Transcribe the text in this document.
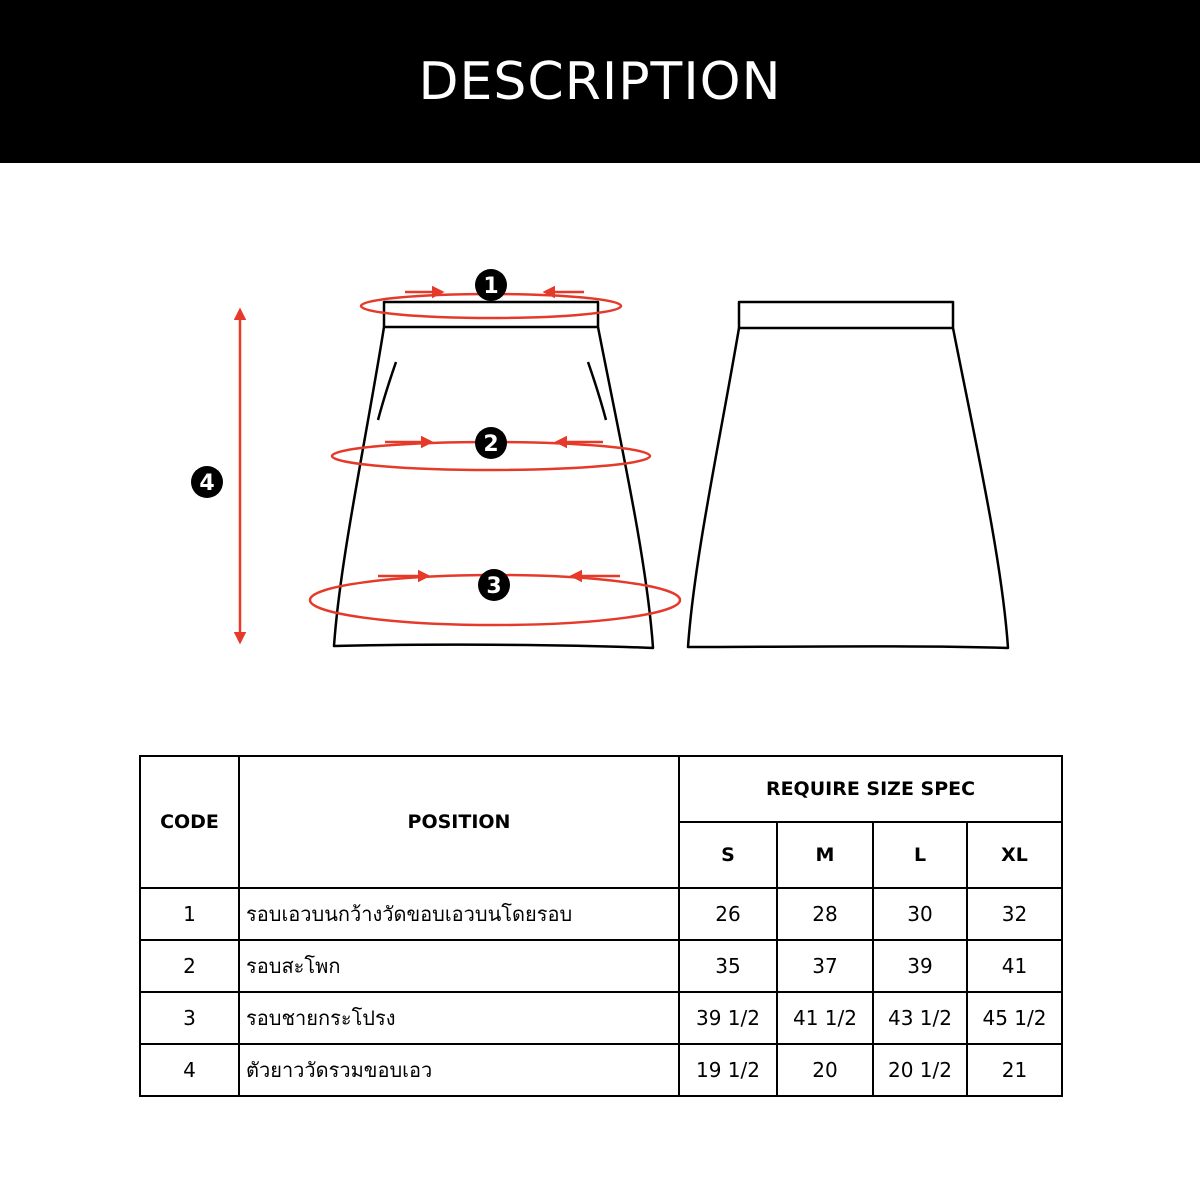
DESCRIPTION
1
2
3
4
CODE	POSITION	REQUIRE SIZE SPEC			
		S	M	L	XL
1	รอบเอวบนกว้างวัดขอบเอวบนโดยรอบ	26	28	30	32
2	รอบสะโพก	35	37	39	41
3	รอบชายกระโปรง	39 1/2	41 1/2	43 1/2	45 1/2
4	ตัวยาววัดรวมขอบเอว	19 1/2	20	20 1/2	21
